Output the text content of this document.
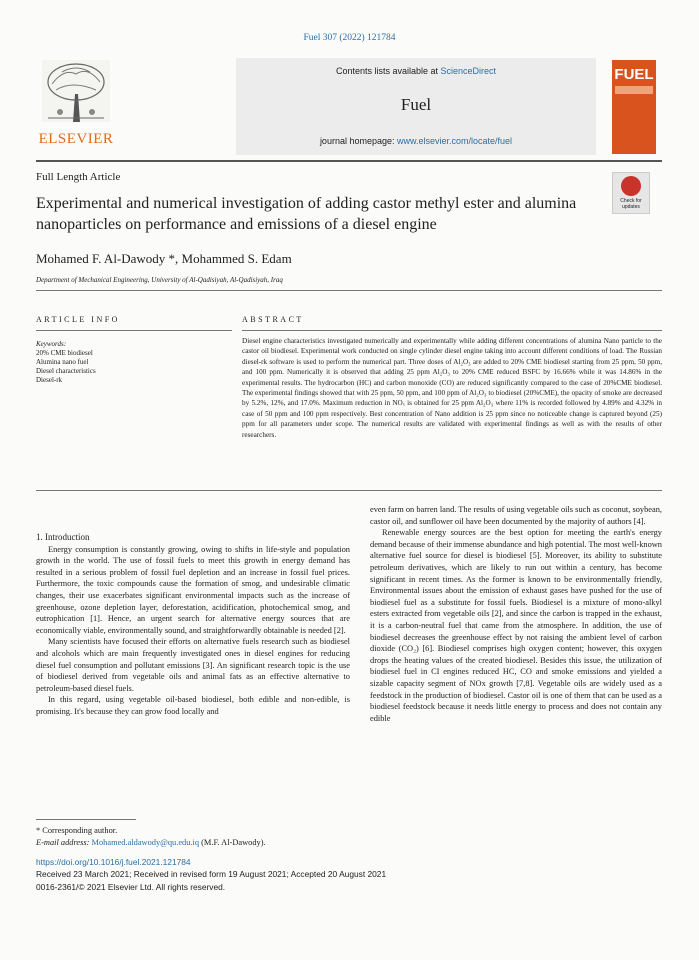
Fuel 307 (2022) 121784
ELSEVIER
Contents lists available at ScienceDirect
Fuel
journal homepage: www.elsevier.com/locate/fuel
FUEL
Full Length Article
Experimental and numerical investigation of adding castor methyl ester and alumina nanoparticles on performance and emissions of a diesel engine
Check for updates
Mohamed F. Al-Dawody *, Mohammed S. Edam
Department of Mechanical Engineering, University of Al-Qadisiyah, Al-Qadisiyah, Iraq
ARTICLE INFO	ABSTRACT
Keywords:
20% CME biodiesel
Alumina nano fuel
Diesel characteristics
Diesel-rk
Diesel engine characteristics investigated numerically and experimentally while adding different concentrations of alumina Nano particle to the castor oil biodiesel. Experimental work conducted on single cylinder diesel engine taking into account different conditions of load. The Russian diesel-rk software is used to perform the numerical part. Three doses of Al₂O₃ are added to 20% CME biodiesel starting from 25 ppm, 50 ppm, and 100 ppm. Numerically it is observed that adding 25 ppm Al₂O₃ to 20% CME reduced BSFC by 16.66% while it was 14.86% in the experimental results. The hydrocarbon (HC) and carbon monoxide (CO) are reduced significantly compared to the case of 20%CME biodiesel. The experimental findings showed that with 25 ppm, 50 ppm, and 100 ppm of Al₂O₃ to biodiesel (20%CME), the opacity of smoke are decreased by 5.2%, 12%, and 17.0%. Maximum reduction in NOₓ is obtained for 25 ppm Al₂O₃ where 11% is recorded followed by 4.89% and 4.32% in case of 50 ppm and 100 ppm respectively. Best concentration of Nano addition is 25 ppm since no noticeable change is captured beyond (25) ppm for all parameters under scope. The numerical results are validated with experimental findings as well as with the results of other researchers.

1. Introduction

Energy consumption is constantly growing, owing to shifts in life-style and population growth in the world. The use of fossil fuels to meet this growth in energy demand has resulted in a serious problem of fossil fuel depletion and an increase in fossil fuel prices. Furthermore, the toxic compounds cause the formation of smog, and undesirable climatic changes, their use exacerbates significant environmental impacts such as the increase of greenhouse, ozone depletion layer, deforestation, acidification, photochemical smog, and eutrophication [1]. Hence, an urgent search for alternative energy sources that are economically viable, environmentally sound, and straightforwardly obtainable is needed [2].

Many scientists have focused their efforts on alternative fuels research such as biodiesel and alcohols which are main frequently investigated ones in diesel engines for reducing diesel fuel consumption and pollutant emissions [3]. An significant research topic is the use of biodiesel derived from vegetable oils and animal fats as an effective alternative to petroleum-based diesel fuels.

In this regard, using vegetable oil-based biodiesel, both edible and non-edible, is promising. It's because they can grow food locally and

even farm on barren land. The results of using vegetable oils such as coconut, soybean, castor oil, and sunflower oil have been documented by the majority of authors [4].

Renewable energy sources are the best option for meeting the earth's energy demand because of their immense abundance and high potential. The most well-known alternative fuel source for diesel is biodiesel [5]. Moreover, its ability to substitute petroleum derivatives, which are likely to run out within a century, has become significant in recent times. As the former is known to be environmentally friendly, Environmental issues about the emission of exhaust gases have pushed for the use of biodiesel fuel as a substitute for fossil fuels. Biodiesel is a mixture of mono-alkyl esters extracted from vegetable oils [2], and since the carbon is trapped in the exhaust, it is a carbon-neutral fuel that came from the atmosphere. In addition, the use of biodiesel decreases the greenhouse effect by not raising the ambient level of carbon dioxide (CO₂) [6]. Biodiesel comprises high oxygen content; however, this oxygen drops the heating values of the created biodiesel. Besides this issue, the utilization of biodiesel fuel in CI engines reduced HC, CO and smoke emissions and yielded a sizable capacity segment of NOx growth [7,8]. Vegetable oils are widely used as a feedstock in the production of biodiesel. Castor oil is one of them that can be used as a biodiesel feedstock because it needs little energy to process and does not contain any edible

* Corresponding author.
E-mail address: Mohamed.aldawody@qu.edu.iq (M.F. Al-Dawody).
https://doi.org/10.1016/j.fuel.2021.121784
Received 23 March 2021; Received in revised form 19 August 2021; Accepted 20 August 2021
0016-2361/© 2021 Elsevier Ltd. All rights reserved.
